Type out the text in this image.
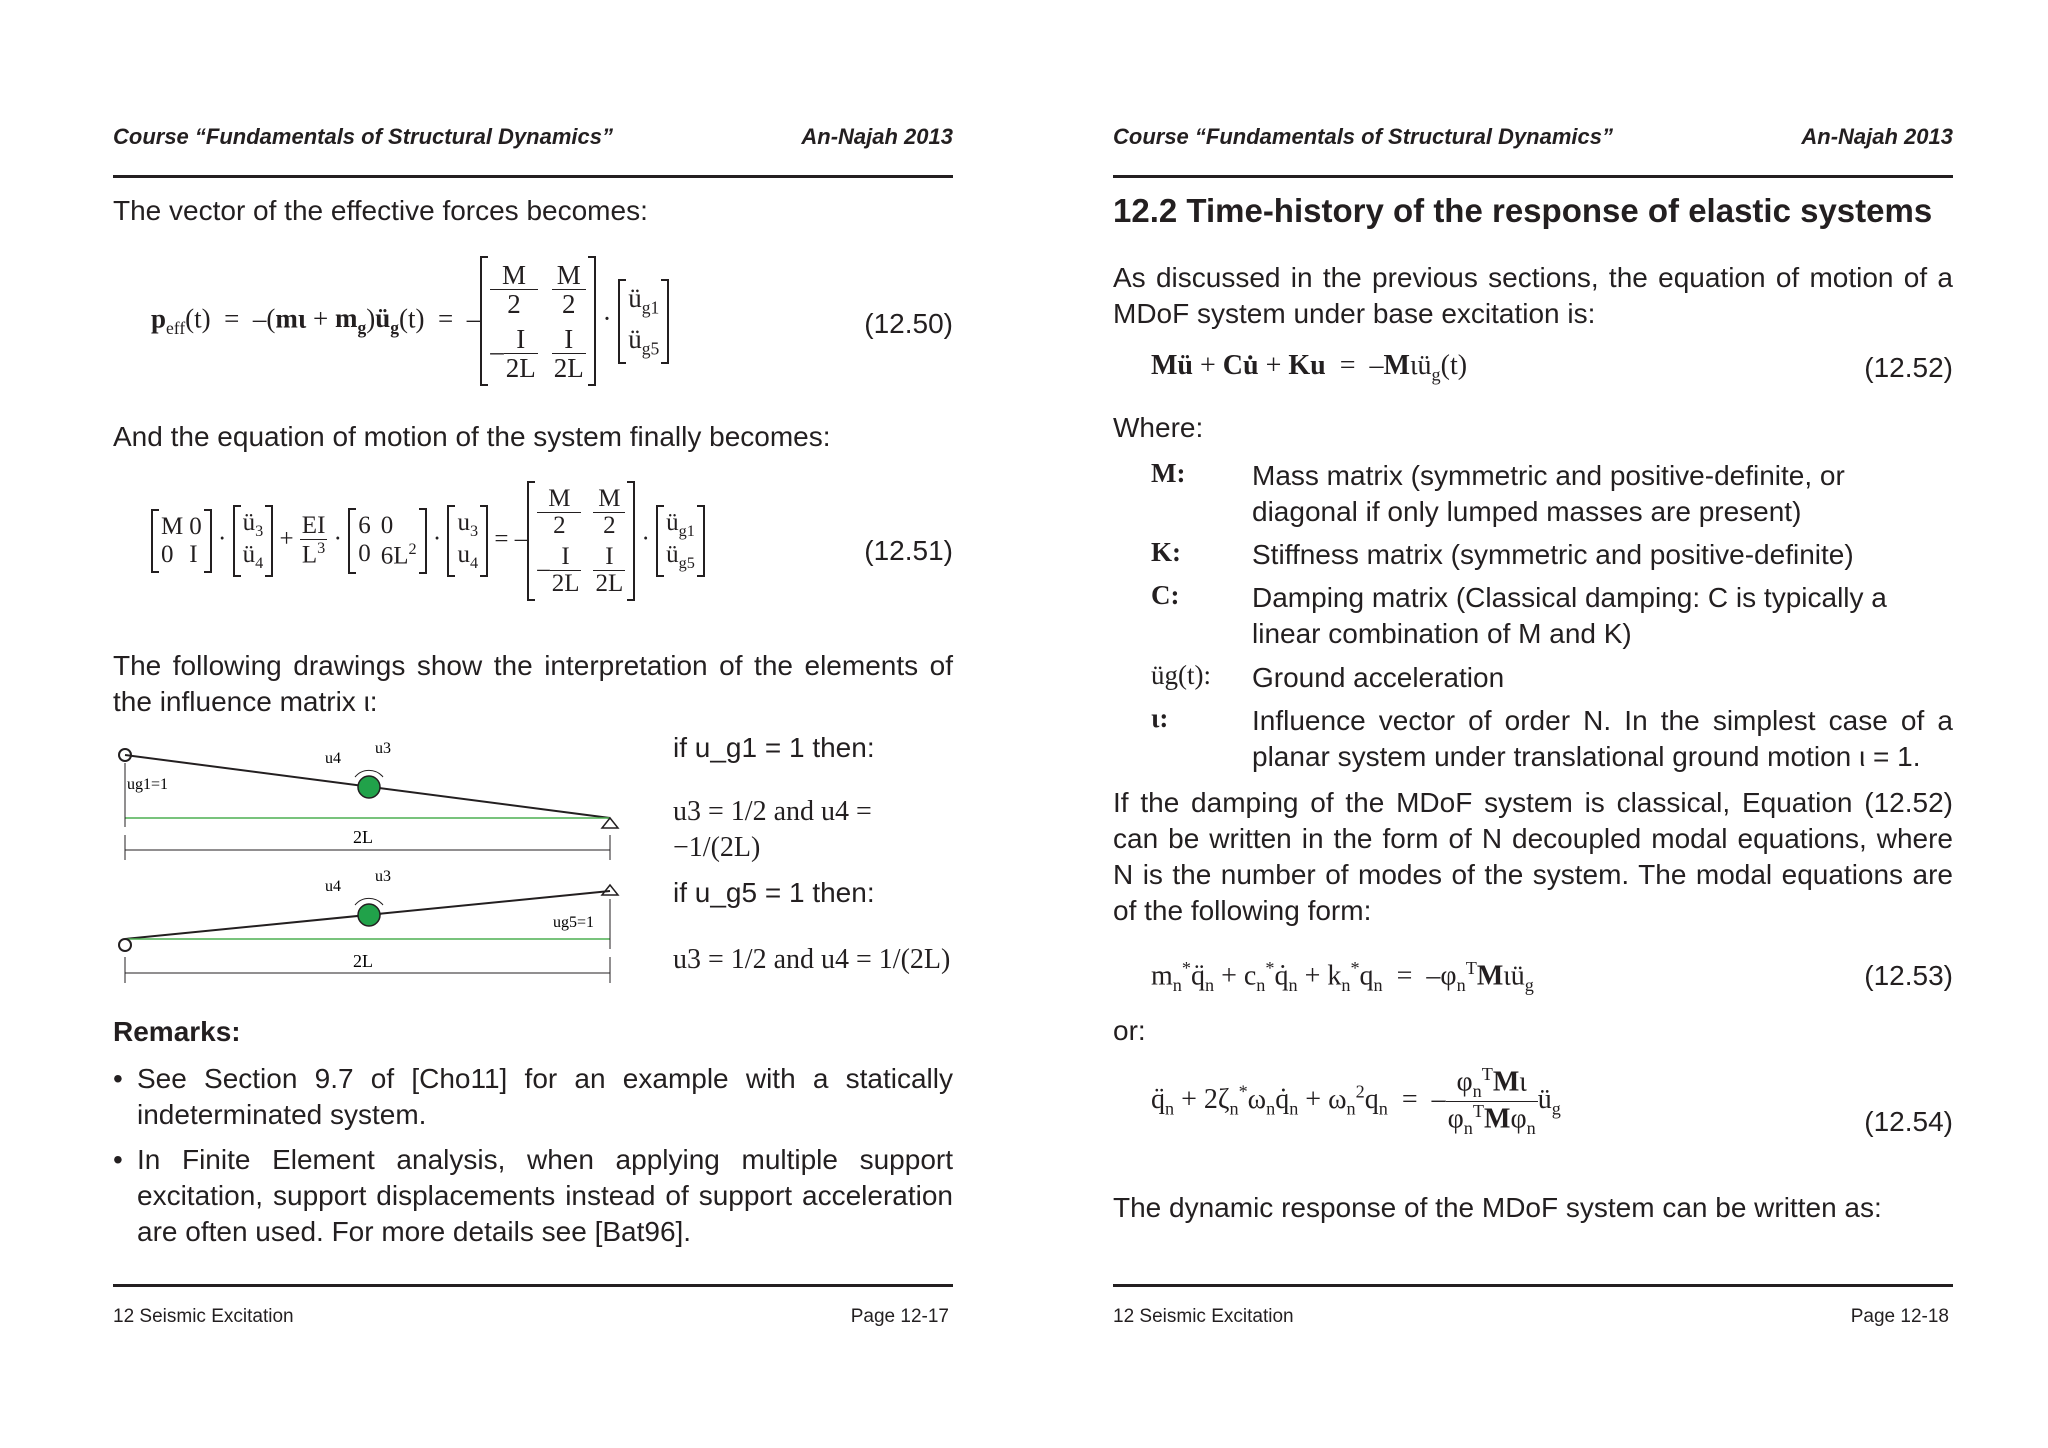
Course “Fundamentals of Structural Dynamics”	An-Najah 2013
The vector of the effective forces becomes:
$p_{eff}(t) = -(m\iota$ + $m_g)ü_g(t)$  =  – $\frac{M}{2} \frac{M}{2}$
– $\frac{I}{2L} \frac{I}{2L}$
·
$ü_{g1}$
$ü_{g5}$
(12.50)
And the equation of motion of the system finally becomes:
M 0
0 I
·
$ü_3$
$ü_4$
+ $\frac{EI}{L^3}$ ·
6 0
0 $6L^2$ ·
$u_3$
$u_4$
= – $\frac{M}{2} \frac{M}{2}$
– $\frac{I}{2L} \frac{I}{2L}$
·
$ü_{g1}$
$ü_{g5}$	(12.51)
The following drawings show the interpretation of the elements of the influence matrix ι:
ug1=1
u4
u3
2L
ug5=1
u4
u3
2L
if u_g1 = 1 then:
u3 = 1/2 and u4 = −1/(2L)
if u_g5 = 1 then:
u3 = 1/2 and u4 = 1/(2L)
Remarks:
• See Section 9.7 of [Cho11] for an example with a statically indeterminated system.
• In Finite Element analysis, when applying multiple support excitation, support displacements instead of support acceleration are often used. For more details see [Bat96].
12 Seismic Excitation	Page 12-17
Course “Fundamentals of Structural Dynamics”	An-Najah 2013
12.2 Time-history of the response of elastic systems
As discussed in the previous sections, the equation of motion of a MDoF system under base excitation is:
Mü + Cu̇ + Ku  =  –Mιü$_g$(t)	(12.52)
Where:
M: Mass matrix (symmetric and positive-definite, or diagonal if only lumped masses are present)
K:	Stiffness matrix (symmetric and positive-definite)
C:	Damping matrix (Classical damping: C is typically a linear combination of M and K)
üg(t): Ground acceleration
ι:	Influence vector of order N. In the simplest case of a planar system under translational ground motion ι = 1.
If the damping of the MDoF system is classical, Equation (12.52) can be written in the form of N decoupled modal equations, where N is the number of modes of the system. The modal equations are of the following form:
$m_n^*q̈_n$ + $c_n^*q̇_n + k_n^*q_n$  =  $-\varphi_n^TM\iota ü_g$	(12.53)
or:
$q̈_n$ + $2\zeta_n^*\omega_nq̇_n + \omega_n^2q_n$  =  – $\frac{\varphi_n^TM\iota}{\varphi_n^TM\varphi_n}$ $ü_g$	(12.54)
The dynamic response of the MDoF system can be written as:
12 Seismic Excitation	Page 12-18
